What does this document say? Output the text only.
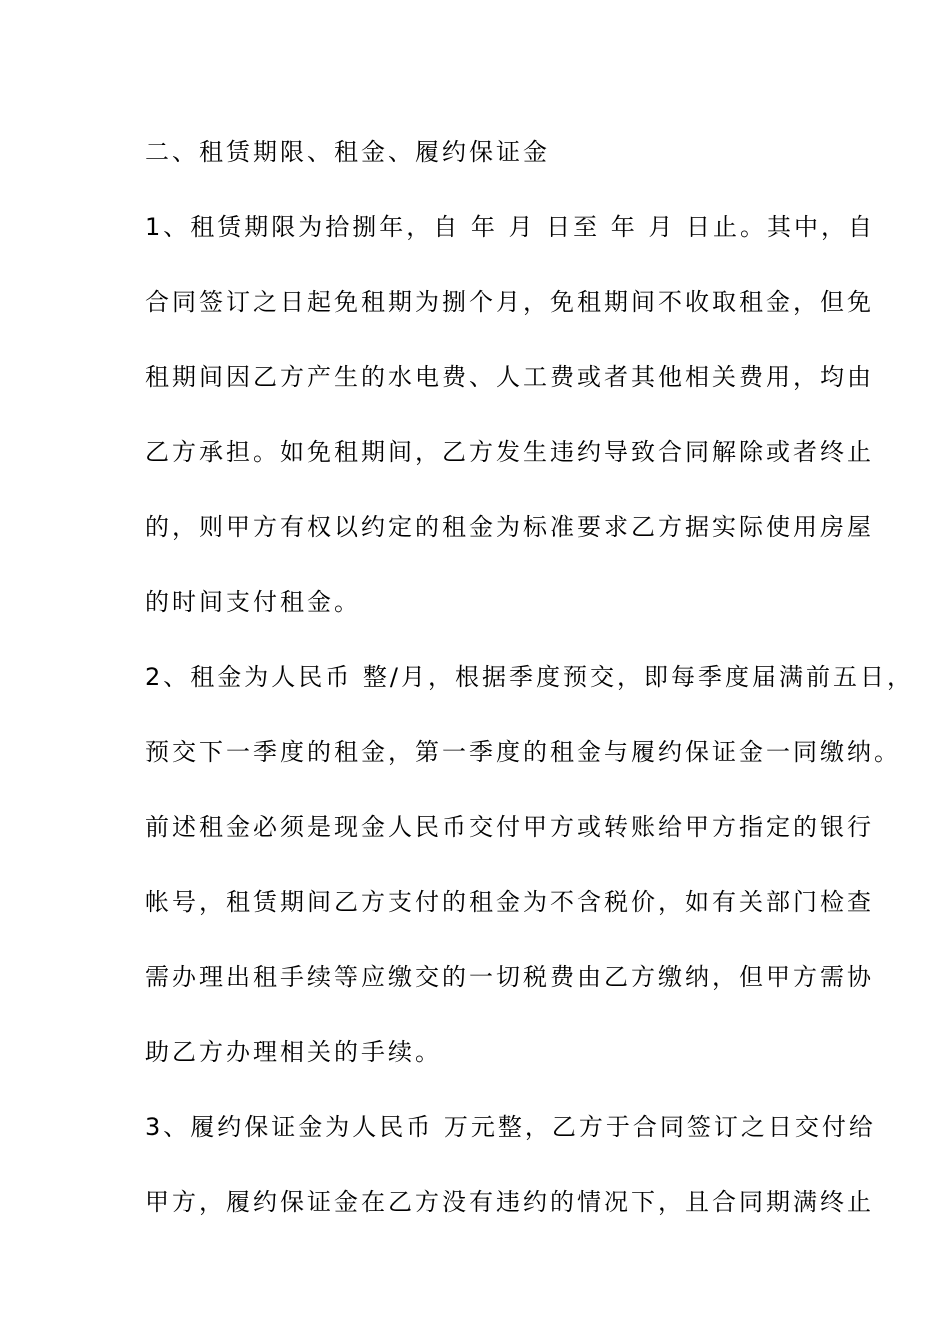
二、租赁期限、租金、履约保证金
1、租赁期限为拾捌年，自 年 月 日至 年 月 日止。其中，自
合同签订之日起免租期为捌个月，免租期间不收取租金，但免
租期间因乙方产生的水电费、人工费或者其他相关费用，均由
乙方承担。如免租期间，乙方发生违约导致合同解除或者终止
的，则甲方有权以约定的租金为标准要求乙方据实际使用房屋
的时间支付租金。
2、租金为人民币 整/月，根据季度预交，即每季度届满前五日，
预交下一季度的租金，第一季度的租金与履约保证金一同缴纳。
前述租金必须是现金人民币交付甲方或转账给甲方指定的银行
帐号，租赁期间乙方支付的租金为不含税价，如有关部门检查
需办理出租手续等应缴交的一切税费由乙方缴纳，但甲方需协
助乙方办理相关的手续。
3、履约保证金为人民币 万元整，乙方于合同签订之日交付给
甲方，履约保证金在乙方没有违约的情况下，且合同期满终止
